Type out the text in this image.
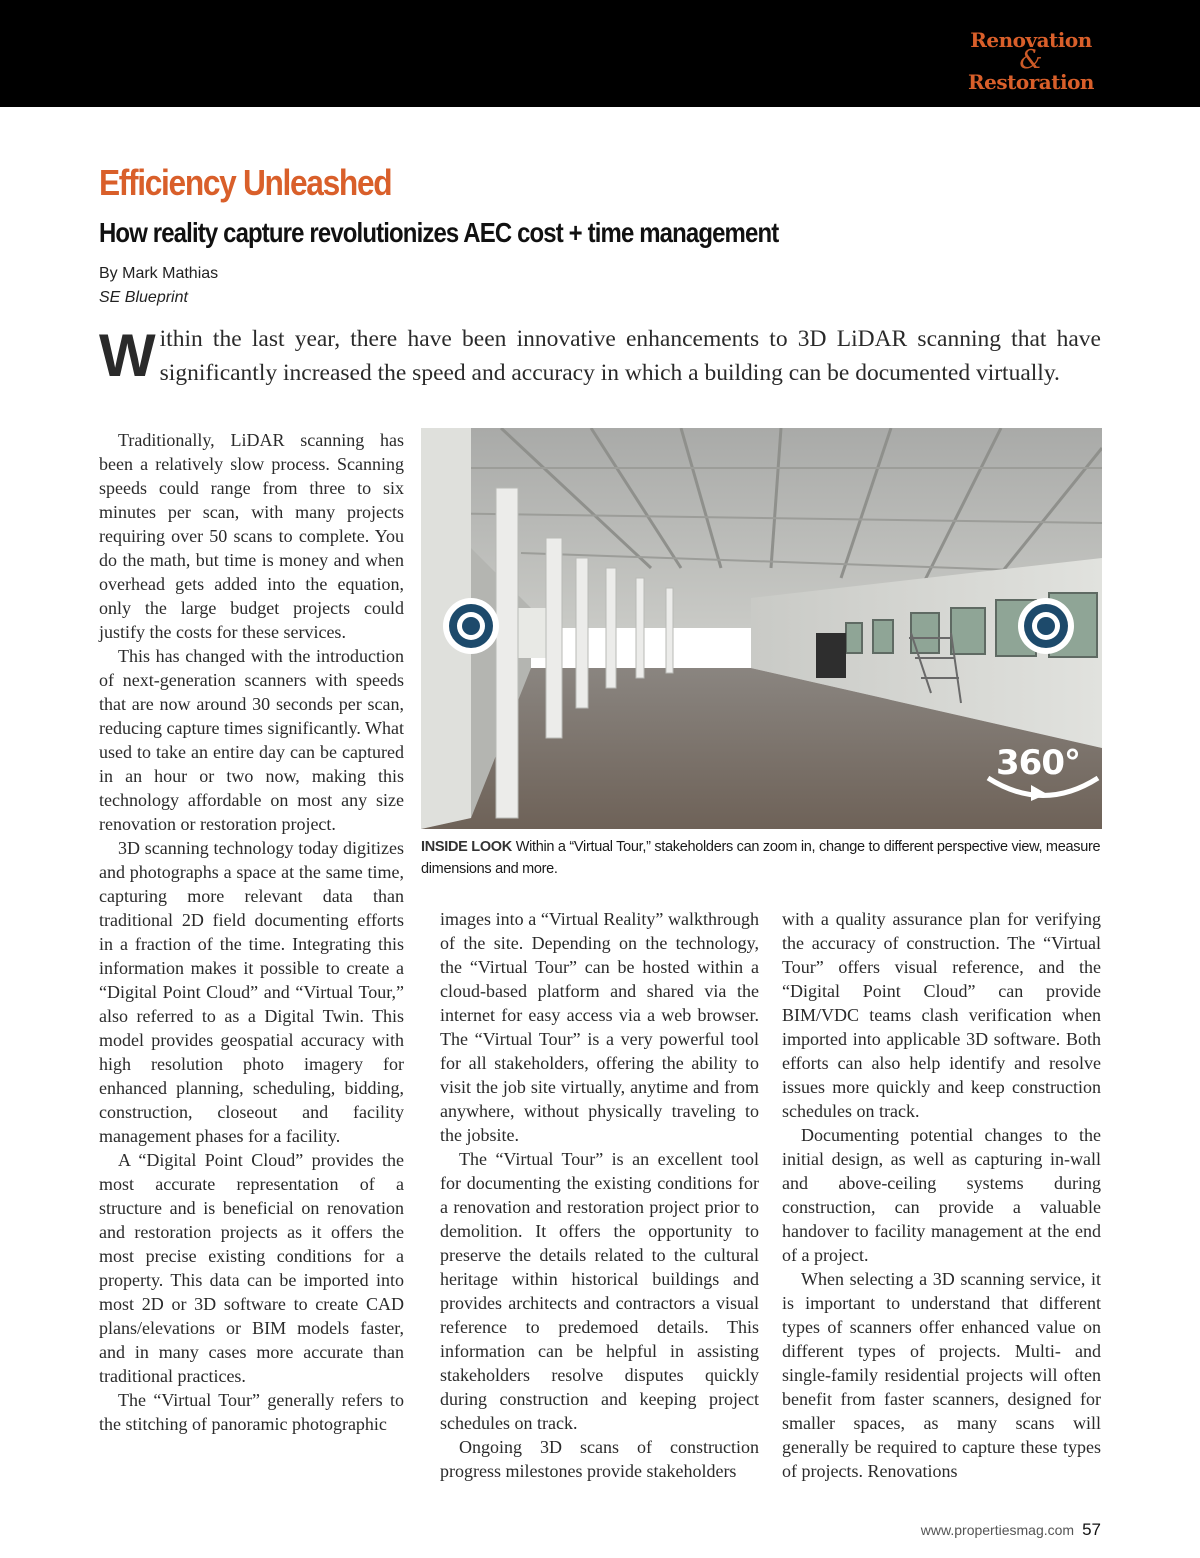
Renovation
&
Restoration
Efficiency Unleashed
How reality capture revolutionizes AEC cost + time management
By Mark Mathias
SE Blueprint
Within the last year, there have been innovative enhancements to 3D LiDAR scanning that have significantly increased the speed and accuracy in which a building can be documented virtually.

Traditionally, LiDAR scanning has been a relatively slow process. Scanning speeds could range from three to six minutes per scan, with many projects requiring over 50 scans to complete. You do the math, but time is money and when overhead gets added into the equation, only the large budget projects could justify the costs for these services.

This has changed with the introduction of next-generation scanners with speeds that are now around 30 seconds per scan, reducing capture times significantly. What used to take an entire day can be captured in an hour or two now, making this technology affordable on most any size renovation or restoration project.

3D scanning technology today digitizes and photographs a space at the same time, capturing more relevant data than traditional 2D field documenting efforts in a fraction of the time. Integrating this information makes it possible to create a “Digital Point Cloud” and “Virtual Tour,” also referred to as a Digital Twin. This model provides geospatial accuracy with high resolution photo imagery for enhanced planning, scheduling, bidding, construction, closeout and facility management phases for a facility.

A “Digital Point Cloud” provides the most accurate representation of a structure and is beneficial on renovation and restoration projects as it offers the most precise existing conditions for a property. This data can be imported into most 2D or 3D software to create CAD plans/elevations or BIM models faster, and in many cases more accurate than traditional practices.

The “Virtual Tour” generally refers to the stitching of panoramic photographic

360°
INSIDE LOOK Within a “Virtual Tour,” stakeholders can zoom in, change to different perspective view, measure dimensions and more.

images into a “Virtual Reality” walkthrough of the site. Depending on the technology, the “Virtual Tour” can be hosted within a cloud-based platform and shared via the internet for easy access via a web browser. The “Virtual Tour” is a very powerful tool for all stakeholders, offering the ability to visit the job site virtually, anytime and from anywhere, without physically traveling to the jobsite.

The “Virtual Tour” is an excellent tool for documenting the existing conditions for a renovation and restoration project prior to demolition. It offers the opportunity to preserve the details related to the cultural heritage within historical buildings and provides architects and contractors a visual reference to predemoed details. This information can be helpful in assisting stakeholders resolve disputes quickly during construction and keeping project schedules on track.

Ongoing 3D scans of construction progress milestones provide stakeholders

with a quality assurance plan for verifying the accuracy of construction. The “Virtual Tour” offers visual reference, and the “Digital Point Cloud” can provide BIM/VDC teams clash verification when imported into applicable 3D software. Both efforts can also help identify and resolve issues more quickly and keep construction schedules on track.

Documenting potential changes to the initial design, as well as capturing in-wall and above-ceiling systems during construction, can provide a valuable handover to facility management at the end of a project.

When selecting a 3D scanning service, it is important to understand that different types of scanners offer enhanced value on different types of projects. Multi- and single-family residential projects will often benefit from faster scanners, designed for smaller spaces, as many scans will generally be required to capture these types of projects. Renovations

www.propertiesmag.com 57
